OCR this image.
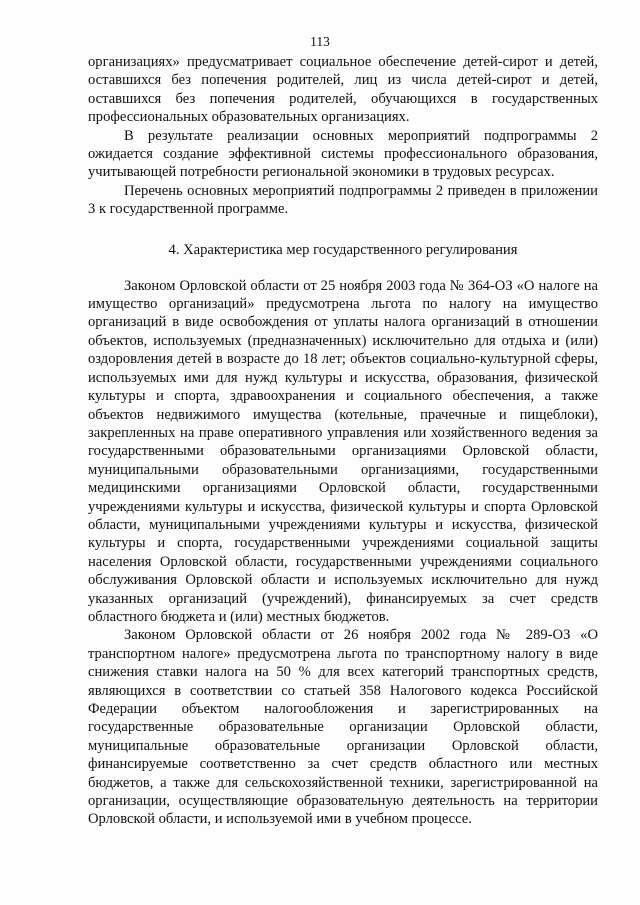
113

организациях» предусматривает социальное обеспечение детей-сирот и детей, оставшихся без попечения родителей, лиц из числа детей-сирот и детей, оставшихся без попечения родителей, обучающихся в государственных профессиональных образовательных организациях.

В результате реализации основных мероприятий подпрограммы 2 ожидается создание эффективной системы профессионального образования, учитывающей потребности региональной экономики в трудовых ресурсах.

Перечень основных мероприятий подпрограммы 2 приведен в приложении 3 к государственной программе.

4. Характеристика мер государственного регулирования

Законом Орловской области от 25 ноября 2003 года № 364-ОЗ «О налоге на имущество организаций» предусмотрена льгота по налогу на имущество организаций в виде освобождения от уплаты налога организаций в отношении объектов, используемых (предназначенных) исключительно для отдыха и (или) оздоровления детей в возрасте до 18 лет; объектов социально-культурной сферы, используемых ими для нужд культуры и искусства, образования, физической культуры и спорта, здравоохранения и социального обеспечения, а также объектов недвижимого имущества (котельные, прачечные и пищеблоки), закрепленных на праве оперативного управления или хозяйственного ведения за государственными образовательными организациями Орловской области, муниципальными образовательными организациями, государственными медицинскими организациями Орловской области, государственными учреждениями культуры и искусства, физической культуры и спорта Орловской области, муниципальными учреждениями культуры и искусства, физической культуры и спорта, государственными учреждениями социальной защиты населения Орловской области, государственными учреждениями социального обслуживания Орловской области и используемых исключительно для нужд указанных организаций (учреждений), финансируемых за счет средств областного бюджета и (или) местных бюджетов.

Законом Орловской области от 26 ноября 2002 года № 289-ОЗ «О транспортном налоге» предусмотрена льгота по транспортному налогу в виде снижения ставки налога на 50 % для всех категорий транспортных средств, являющихся в соответствии со статьей 358 Налогового кодекса Российской Федерации объектом налогообложения и зарегистрированных на государственные образовательные организации Орловской области, муниципальные образовательные организации Орловской области, финансируемые соответственно за счет средств областного или местных бюджетов, а также для сельскохозяйственной техники, зарегистрированной на организации, осуществляющие образовательную деятельность на территории Орловской области, и используемой ими в учебном процессе.
